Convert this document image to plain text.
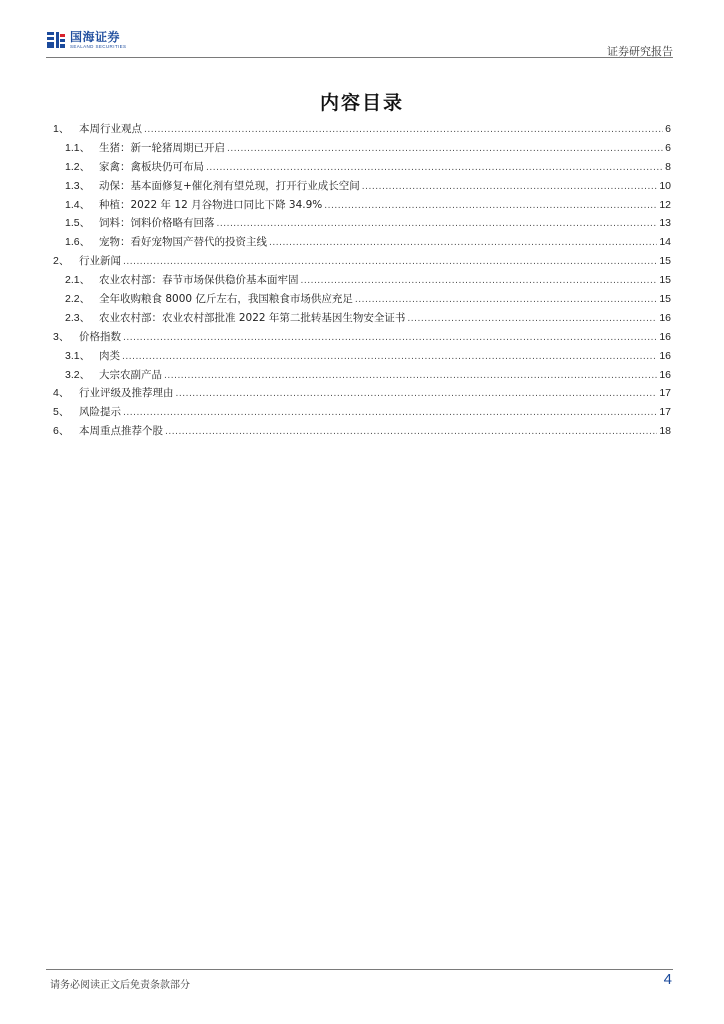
国海证券
SEALAND SECURITIES	证券研究报告
内容目录
1、 本周行业观点 .....	6
1.1、 生猪：新一轮猪周期已开启 .....	6
1.2、 家禽：禽板块仍可布局 .....	8
1.3、 动保：基本面修复+催化剂有望兑现，打开行业成长空间 .....	10
1.4、 种植：2022 年 12 月谷物进口同比下降 34.9% .....	12
1.5、 饲料：饲料价格略有回落 .....	13
1.6、 宠物：看好宠物国产替代的投资主线 .....	14
2、 行业新闻 .....	15
2.1、 农业农村部：春节市场保供稳价基本面牢固 .....	15
2.2、 全年收购粮食 8000 亿斤左右，我国粮食市场供应充足 .....	15
2.3、 农业农村部：农业农村部批准 2022 年第二批转基因生物安全证书 .....	16
3、 价格指数 .....	16
3.1、 肉类 .....	16
3.2、 大宗农副产品 .....	16
4、 行业评级及推荐理由 .....	17
5、 风险提示 .....	17
6、 本周重点推荐个股 .....	18
请务必阅读正文后免责条款部分	4
